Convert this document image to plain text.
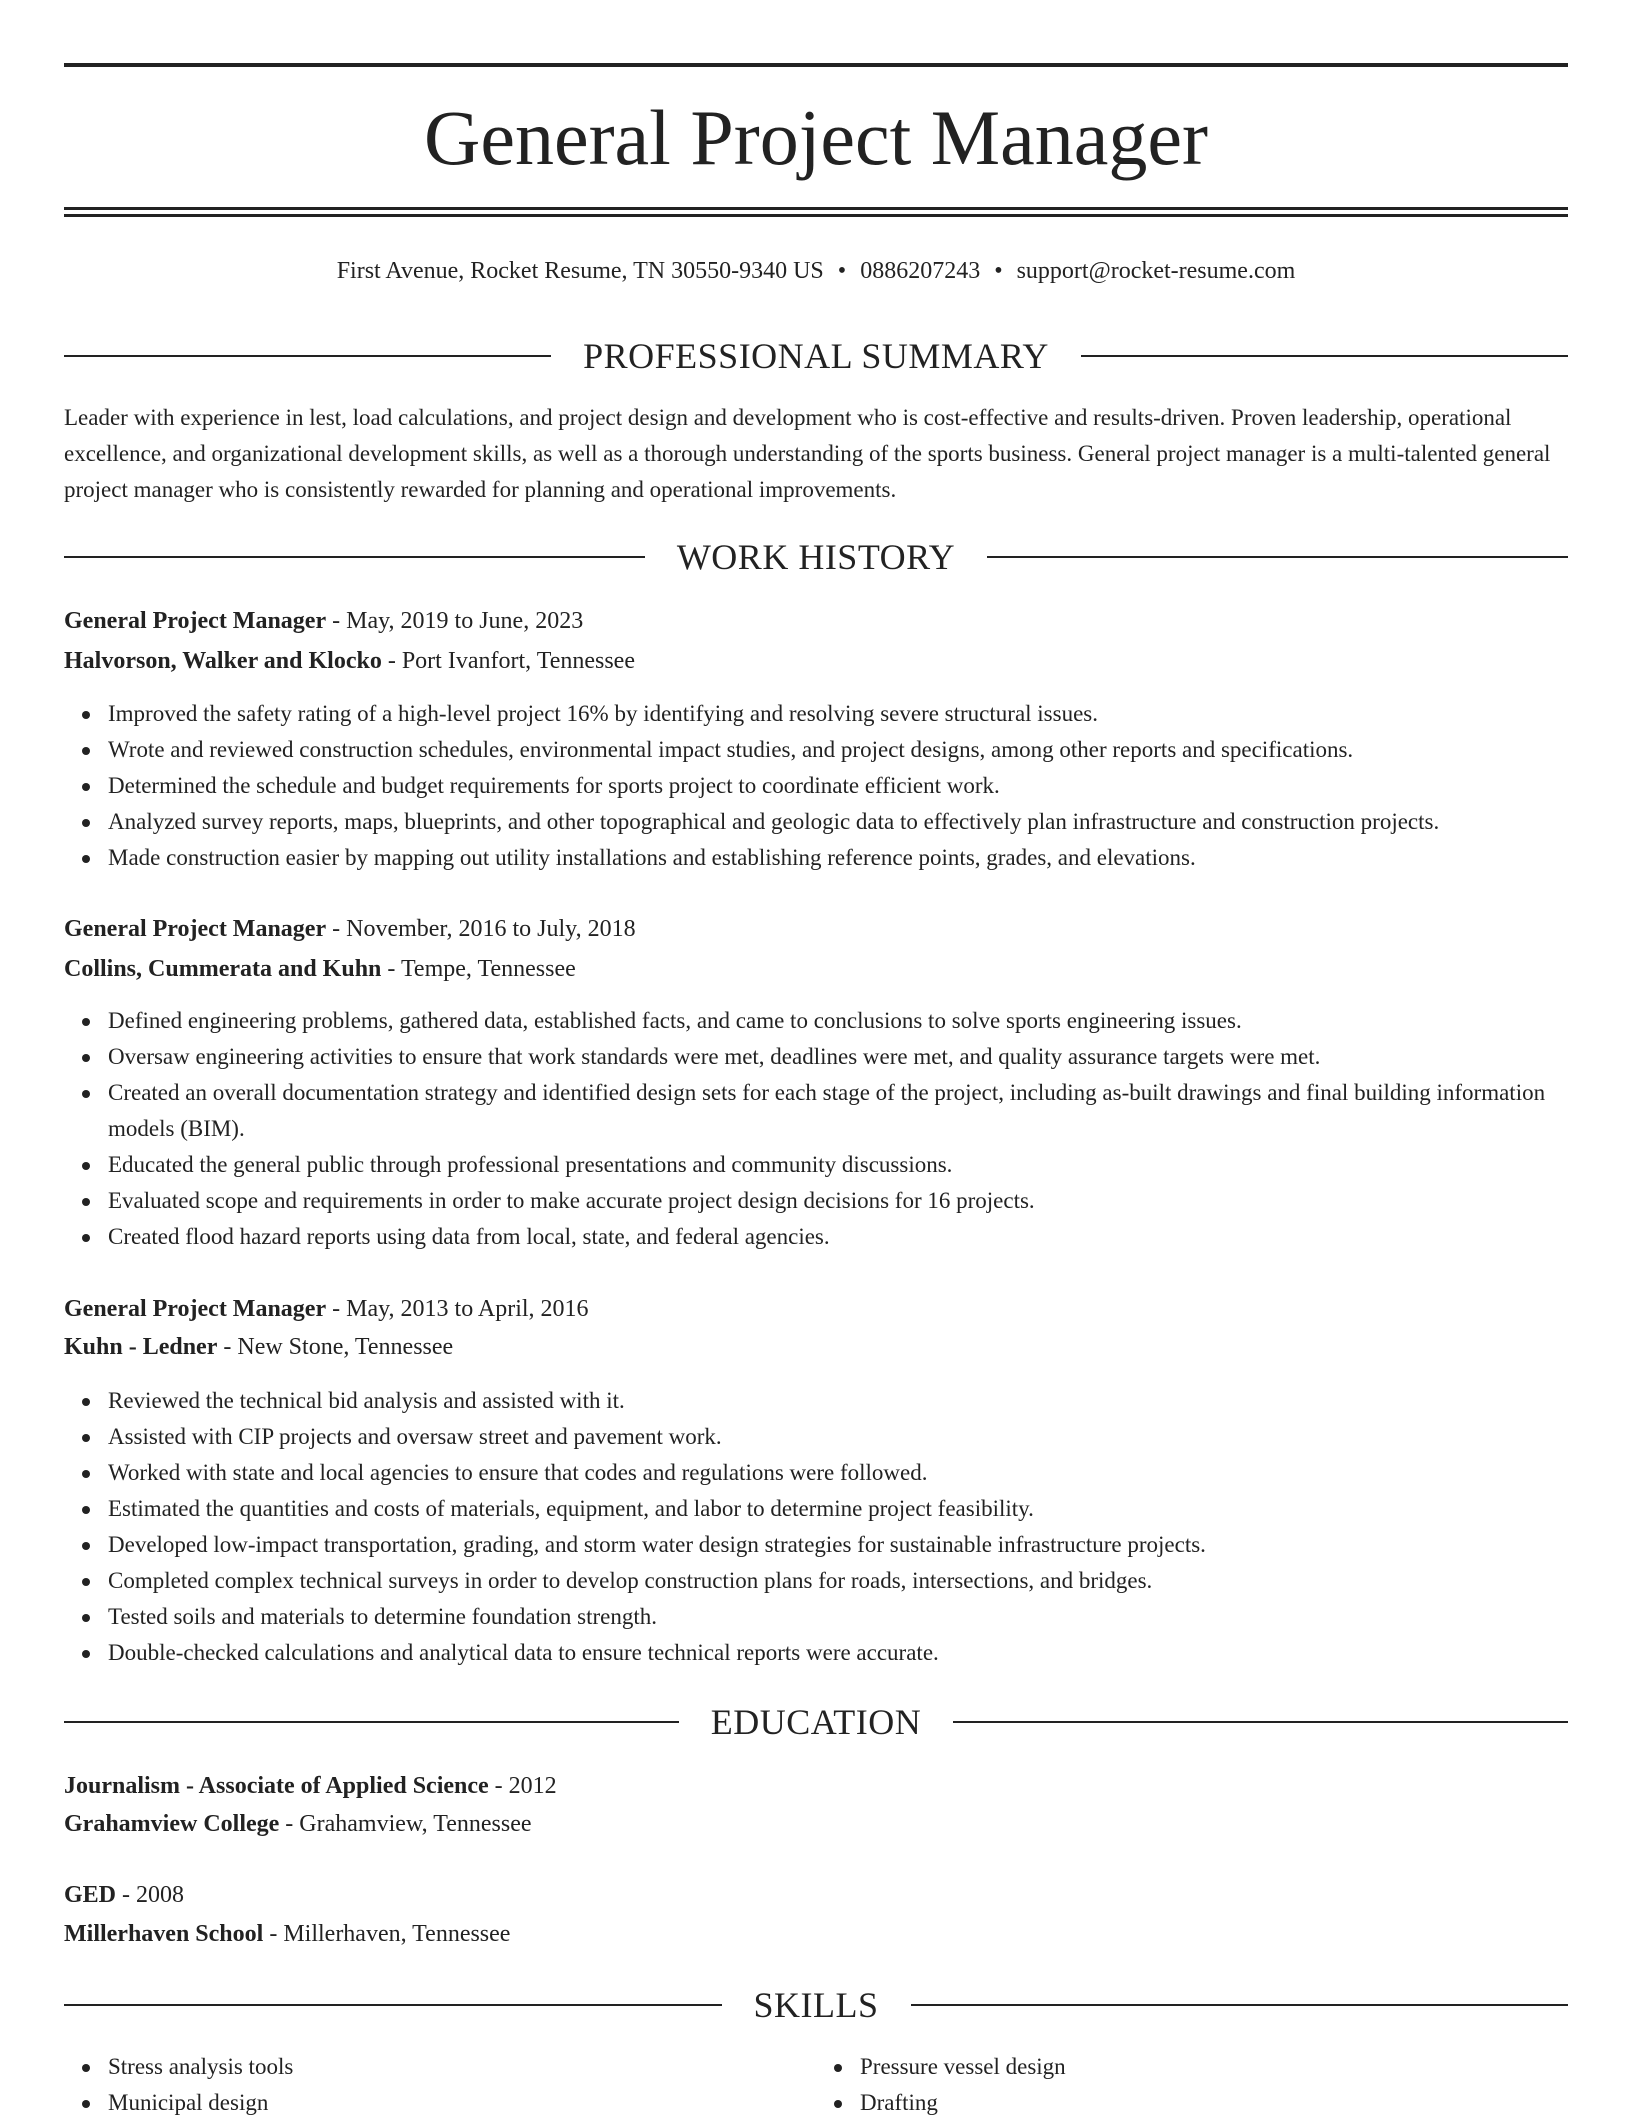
General Project Manager
First Avenue, Rocket Resume, TN 30550-9340 US • 0886207243 • support@rocket-resume.com
PROFESSIONAL SUMMARY

Leader with experience in lest, load calculations, and project design and development who is cost-effective and results-driven. Proven leadership, operational excellence, and organizational development skills, as well as a thorough understanding of the sports business. General project manager is a multi-talented general project manager who is consistently rewarded for planning and operational improvements.

WORK HISTORY

General Project Manager - May, 2019 to June, 2023

Halvorson, Walker and Klocko - Port Ivanfort, Tennessee

Improved the safety rating of a high-level project 16% by identifying and resolving severe structural issues.
Wrote and reviewed construction schedules, environmental impact studies, and project designs, among other reports and specifications.
Determined the schedule and budget requirements for sports project to coordinate efficient work.
Analyzed survey reports, maps, blueprints, and other topographical and geologic data to effectively plan infrastructure and construction projects.
Made construction easier by mapping out utility installations and establishing reference points, grades, and elevations.

General Project Manager - November, 2016 to July, 2018

Collins, Cummerata and Kuhn - Tempe, Tennessee

Defined engineering problems, gathered data, established facts, and came to conclusions to solve sports engineering issues.
Oversaw engineering activities to ensure that work standards were met, deadlines were met, and quality assurance targets were met.
Created an overall documentation strategy and identified design sets for each stage of the project, including as-built drawings and final building information models (BIM).
Educated the general public through professional presentations and community discussions.
Evaluated scope and requirements in order to make accurate project design decisions for 16 projects.
Created flood hazard reports using data from local, state, and federal agencies.

General Project Manager - May, 2013 to April, 2016

Kuhn - Ledner - New Stone, Tennessee

Reviewed the technical bid analysis and assisted with it.
Assisted with CIP projects and oversaw street and pavement work.
Worked with state and local agencies to ensure that codes and regulations were followed.
Estimated the quantities and costs of materials, equipment, and labor to determine project feasibility.
Developed low-impact transportation, grading, and storm water design strategies for sustainable infrastructure projects.
Completed complex technical surveys in order to develop construction plans for roads, intersections, and bridges.
Tested soils and materials to determine foundation strength.
Double-checked calculations and analytical data to ensure technical reports were accurate.
EDUCATION

Journalism - Associate of Applied Science - 2012

Grahamview College - Grahamview, Tennessee

GED - 2008

Millerhaven School - Millerhaven, Tennessee

SKILLS
Stress analysis tools
Municipal design
Pressure vessel design
Drafting
